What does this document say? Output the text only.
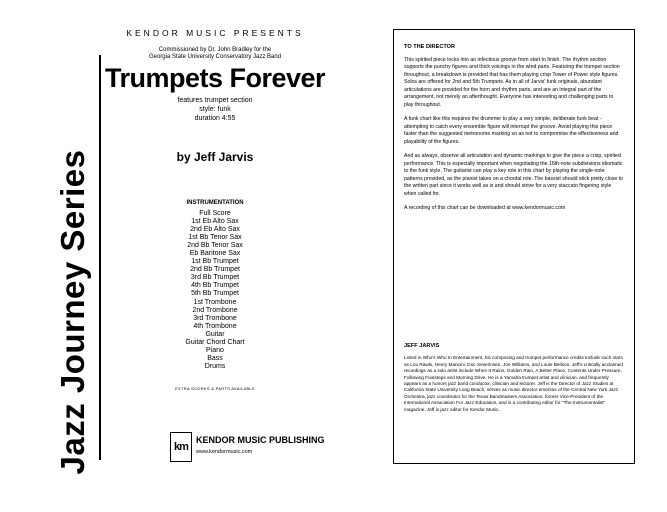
Jazz Journey Series
KENDOR MUSIC PRESENTS
Commissioned by Dr. John Bradley for the
Georgia State University Conservatory Jazz Band
Trumpets Forever
features trumpet section
style: funk
duration 4:55
by Jeff Jarvis
INSTRUMENTATION
Full Score
1st Eb Alto Sax
2nd Eb Alto Sax
1st Bb Tenor Sax
2nd Bb Tenor Sax
Eb Baritone Sax
1st Bb Trumpet
2nd Bb Trumpet
3rd Bb Trumpet
4th Bb Trumpet
5th Bb Trumpet
1st Trombone
2nd Trombone
3rd Trombone
4th Trombone
Guitar
Guitar Chord Chart
Piano
Bass
Drums
EXTRA SCORES & PARTS AVAILABLE
km
KENDOR MUSIC PUBLISHING
www.kendormusic.com
TO THE DIRECTOR

This spirited piece locks into an infectious groove from start to finish. The rhythm section supports the punchy figures and thick voicings in the wind parts. Featuring the trumpet section throughout, a breakdown is provided that has them playing crisp Tower of Power style figures. Solos are offered for 2nd and 5th Trumpets. As in all of Jarvis' funk originals, abundant articulations are provided for the horn and rhythm parts, and are an integral part of the arrangement, not merely an afterthought. Everyone has interesting and challenging parts to play throughout.

A funk chart like this requires the drummer to play a very simple, deliberate funk beat - attempting to catch every ensemble figure will interrupt the groove. Avoid playing this piece faster than the suggested metronome marking so as not to compromise the effectiveness and playability of the figures.

And as always, observe all articulation and dynamic markings to give the piece a crisp, spirited performance. This is especially important when negotiating the 16th-note subdivisions idiomatic to the funk style. The guitarist can play a key role in this chart by playing the single-note patterns provided, as the pianist takes on a chordal role. The bassist should stick pretty close to the written part since it works well as is and should strive for a very staccato fingering style when called for.

A recording of this chart can be downloaded at www.kendormusic.com

JEFF JARVIS

Listed in Who's Who In Entertainment, his composing and trumpet performance credits include such stars as Lou Rawls, Henry Mancini, Doc Severinsen, Joe Williams, and Louie Bellson. Jeff's critically acclaimed recordings as a solo artist include When It Rains, Golden Rain, A Better Place, Contents Under Pressure, Following Footsteps and Morning Drive. He is a Yamaha trumpet artist and clinician, and frequently appears as a honors jazz band conductor, clinician and lecturer. Jeff is the Director of Jazz Studies at California State University Long Beach, serves as music director emeritus of the Central New York Jazz Orchestra, jazz coordinator for the Texas Bandmasters Association, former Vice-President of the International Association For Jazz Education, and is a contributing editor for "The Instrumentalist" magazine. Jeff is jazz editor for Kendor Music.
